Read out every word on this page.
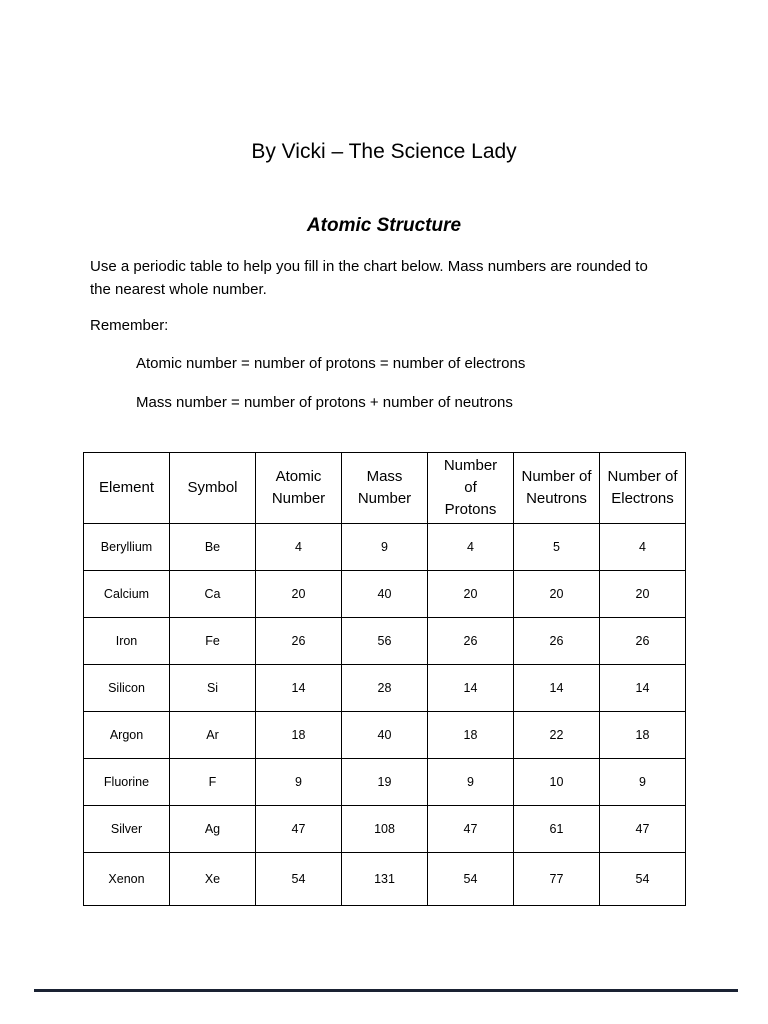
By Vicki – The Science Lady
Atomic Structure
Use a periodic table to help you fill in the chart below. Mass numbers are rounded to the nearest whole number.
Remember:
Atomic number = number of protons = number of electrons
Mass number = number of protons + number of neutrons
Element	Symbol	Atomic Number	Mass Number	Number of Protons	Number of Neutrons	Number of Electrons
Beryllium	Be	4	9	4	5	4
Calcium	Ca	20	40	20	20	20
Iron	Fe	26	56	26	26	26
Silicon	Si	14	28	14	14	14
Argon	Ar	18	40	18	22	18
Fluorine	F	9	19	9	10	9
Silver	Ag	47	108	47	61	47
Xenon	Xe	54	131	54	77	54
